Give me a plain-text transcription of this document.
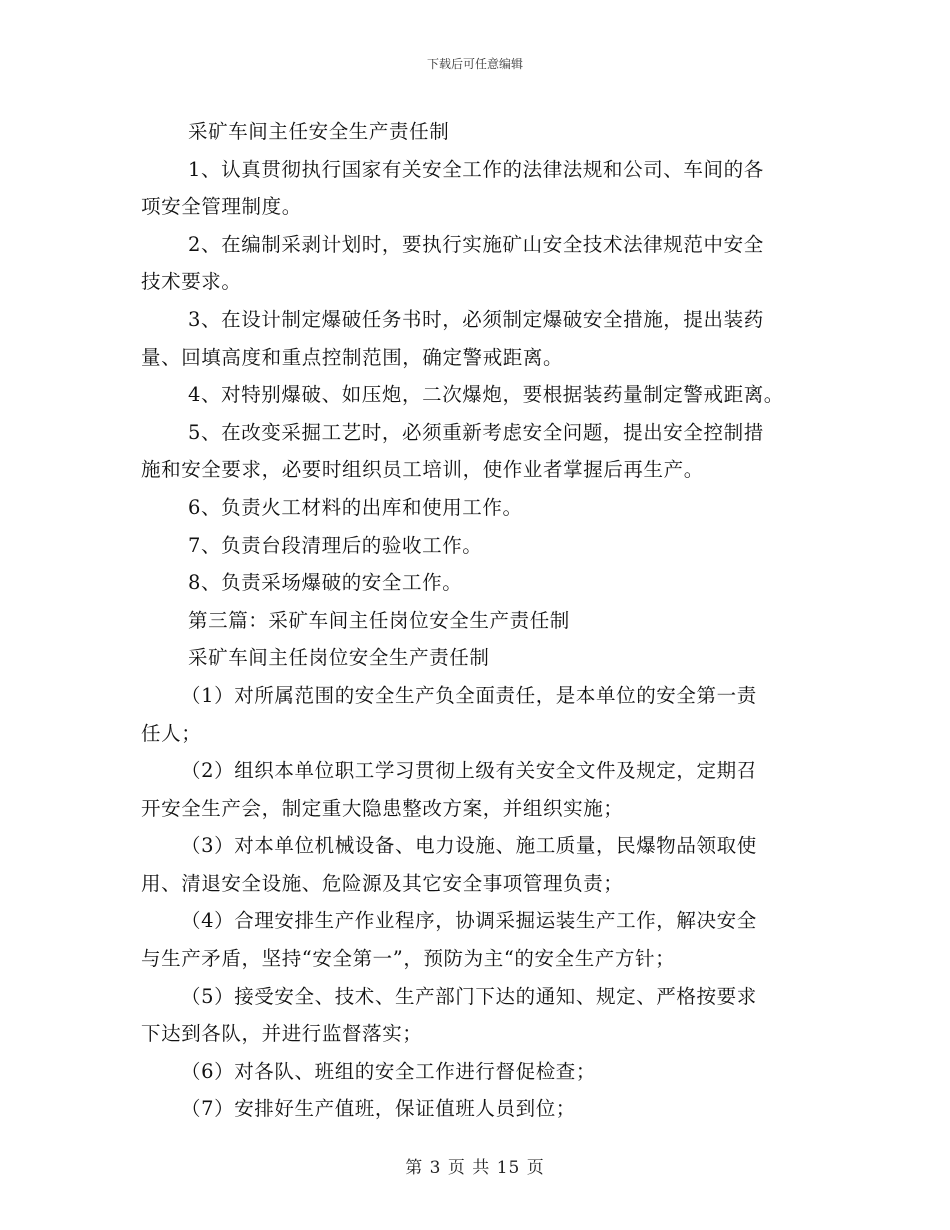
下载后可任意编辑
采矿车间主任安全生产责任制
1、认真贯彻执行国家有关安全工作的法律法规和公司、车间的各
项安全管理制度。
2、在编制采剥计划时，要执行实施矿山安全技术法律规范中安全
技术要求。
3、在设计制定爆破任务书时，必须制定爆破安全措施，提出装药
量、回填高度和重点控制范围，确定警戒距离。
4、对特别爆破、如压炮，二次爆炮，要根据装药量制定警戒距离。
5、在改变采掘工艺时，必须重新考虑安全问题，提出安全控制措
施和安全要求，必要时组织员工培训，使作业者掌握后再生产。
6、负责火工材料的出库和使用工作。
7、负责台段清理后的验收工作。
8、负责采场爆破的安全工作。
第三篇：采矿车间主任岗位安全生产责任制
采矿车间主任岗位安全生产责任制
（1）对所属范围的安全生产负全面责任，是本单位的安全第一责
任人；
（2）组织本单位职工学习贯彻上级有关安全文件及规定，定期召
开安全生产会，制定重大隐患整改方案，并组织实施；
（3）对本单位机械设备、电力设施、施工质量，民爆物品领取使
用、清退安全设施、危险源及其它安全事项管理负责；
（4）合理安排生产作业程序，协调采掘运装生产工作，解决安全
与生产矛盾，坚持“安全第一”，预防为主“的安全生产方针；
（5）接受安全、技术、生产部门下达的通知、规定、严格按要求
下达到各队，并进行监督落实；
（6）对各队、班组的安全工作进行督促检查；
（7）安排好生产值班，保证值班人员到位；
第 3 页 共 15 页
